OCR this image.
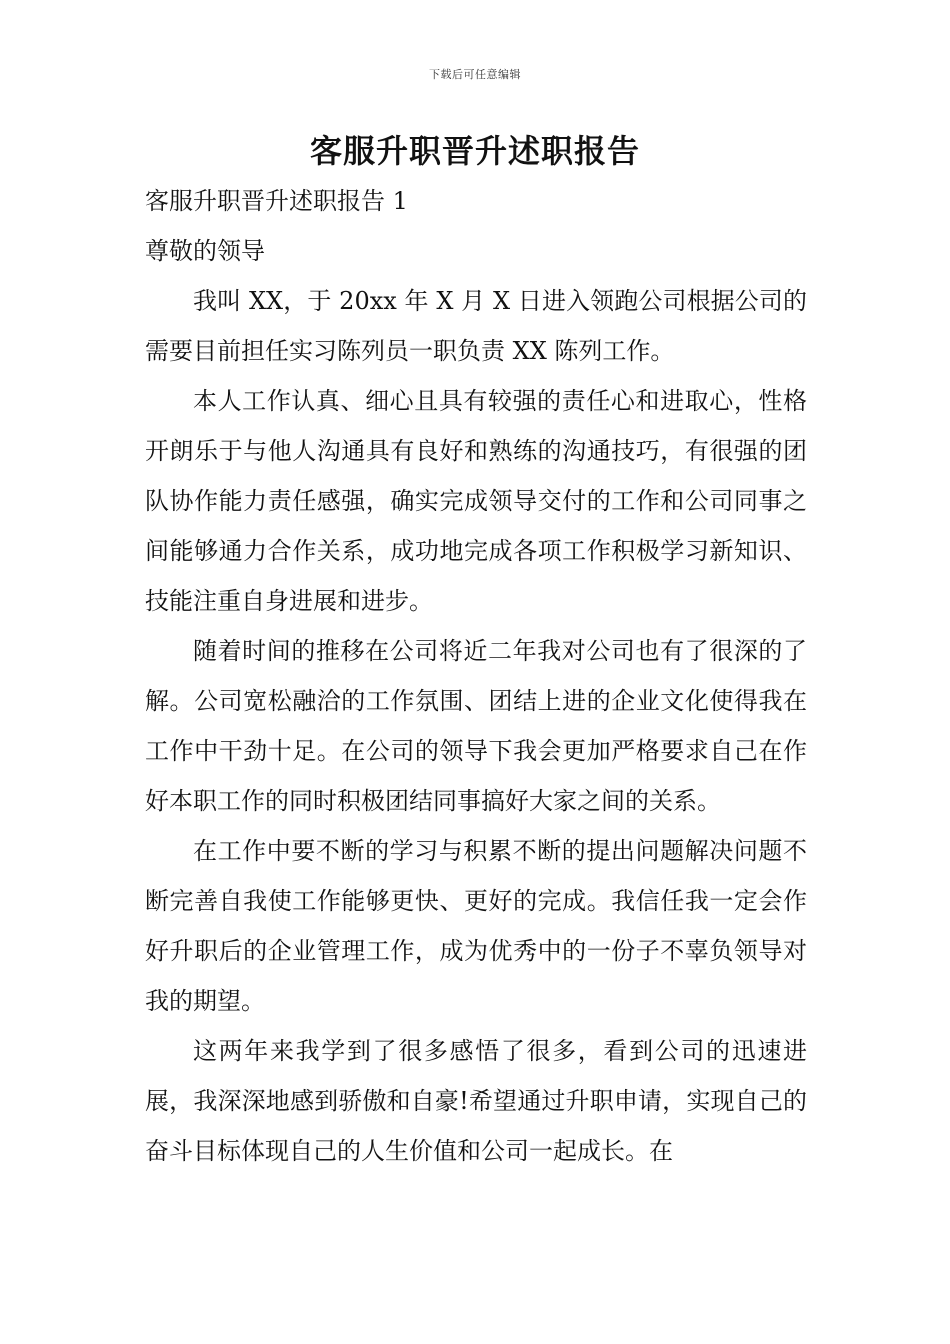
下载后可任意编辑
客服升职晋升述职报告

客服升职晋升述职报告 1

尊敬的领导

我叫 XX，于 20xx 年 X 月 X 日进入领跑公司根据公司的需要目前担任实习陈列员一职负责 XX 陈列工作。

本人工作认真、细心且具有较强的责任心和进取心，性格开朗乐于与他人沟通具有良好和熟练的沟通技巧，有很强的团队协作能力责任感强，确实完成领导交付的工作和公司同事之间能够通力合作关系，成功地完成各项工作积极学习新知识、技能注重自身进展和进步。

随着时间的推移在公司将近二年我对公司也有了很深的了解。公司宽松融洽的工作氛围、团结上进的企业文化使得我在工作中干劲十足。在公司的领导下我会更加严格要求自己在作好本职工作的同时积极团结同事搞好大家之间的关系。

在工作中要不断的学习与积累不断的提出问题解决问题不断完善自我使工作能够更快、更好的完成。我信任我一定会作好升职后的企业管理工作，成为优秀中的一份子不辜负领导对我的期望。

这两年来我学到了很多感悟了很多，看到公司的迅速进展，我深深地感到骄傲和自豪!希望通过升职申请，实现自己的奋斗目标体现自己的人生价值和公司一起成长。在
